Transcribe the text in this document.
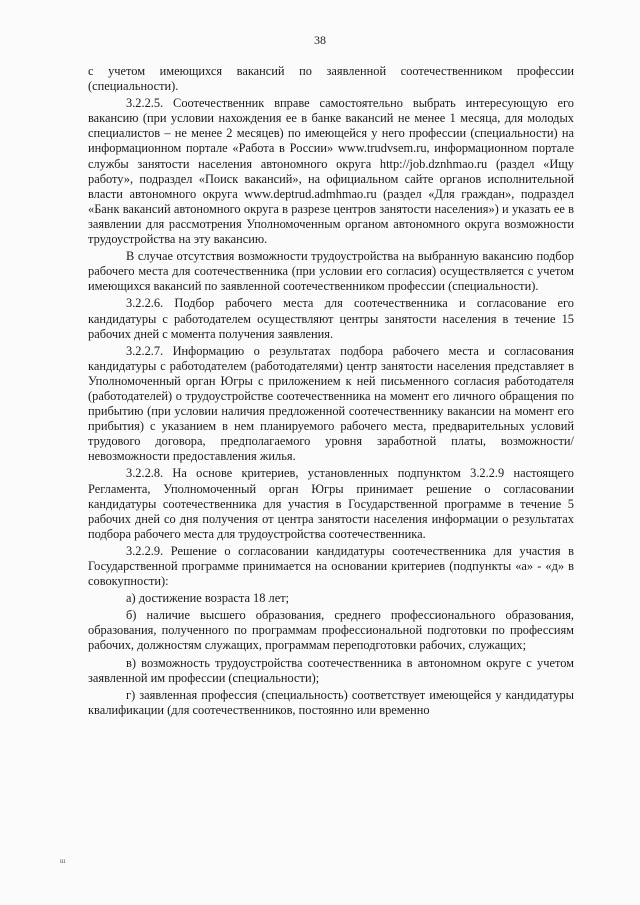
38

с учетом имеющихся вакансий по заявленной соотечественником профессии (специальности).

3.2.2.5. Соотечественник вправе самостоятельно выбрать интересующую его вакансию (при условии нахождения ее в банке вакансий не менее 1 месяца, для молодых специалистов – не менее 2 месяцев) по имеющейся у него профессии (специальности) на информационном портале «Работа в России» www.trudvsem.ru, информационном портале службы занятости населения автономного округа http://job.dznhmao.ru (раздел «Ищу работу», подраздел «Поиск вакансий», на официальном сайте органов исполнительной власти автономного округа www.deptrud.admhmao.ru (раздел «Для граждан», подраздел «Банк вакансий автономного округа в разрезе центров занятости населения») и указать ее в заявлении для рассмотрения Уполномоченным органом автономного округа возможности трудоустройства на эту вакансию.

В случае отсутствия возможности трудоустройства на выбранную вакансию подбор рабочего места для соотечественника (при условии его согласия) осуществляется с учетом имеющихся вакансий по заявленной соотечественником профессии (специальности).

3.2.2.6. Подбор рабочего места для соотечественника и согласование его кандидатуры с работодателем осуществляют центры занятости населения в течение 15 рабочих дней с момента получения заявления.

3.2.2.7. Информацию о результатах подбора рабочего места и согласования кандидатуры с работодателем (работодателями) центр занятости населения представляет в Уполномоченный орган Югры с приложением к ней письменного согласия работодателя (работодателей) о трудоустройстве соотечественника на момент его личного обращения по прибытию (при условии наличия предложенной соотечественнику вакансии на момент его прибытия) с указанием в нем планируемого рабочего места, предварительных условий трудового договора, предполагаемого уровня заработной платы, возможности/невозможности предоставления жилья.

3.2.2.8. На основе критериев, установленных подпунктом 3.2.2.9 настоящего Регламента, Уполномоченный орган Югры принимает решение о согласовании кандидатуры соотечественника для участия в Государственной программе в течение 5 рабочих дней со дня получения от центра занятости населения информации о результатах подбора рабочего места для трудоустройства соотечественника.

3.2.2.9. Решение о согласовании кандидатуры соотечественника для участия в Государственной программе принимается на основании критериев (подпункты «а» - «д» в совокупности):

а) достижение возраста 18 лет;

б) наличие высшего образования, среднего профессионального образования, образования, полученного по программам профессиональной подготовки по профессиям рабочих, должностям служащих, программам переподготовки рабочих, служащих;

в) возможность трудоустройства соотечественника в автономном округе с учетом заявленной им профессии (специальности);

г) заявленная профессия (специальность) соответствует имеющейся у кандидатуры квалификации (для соотечественников, постоянно или временно

ш
